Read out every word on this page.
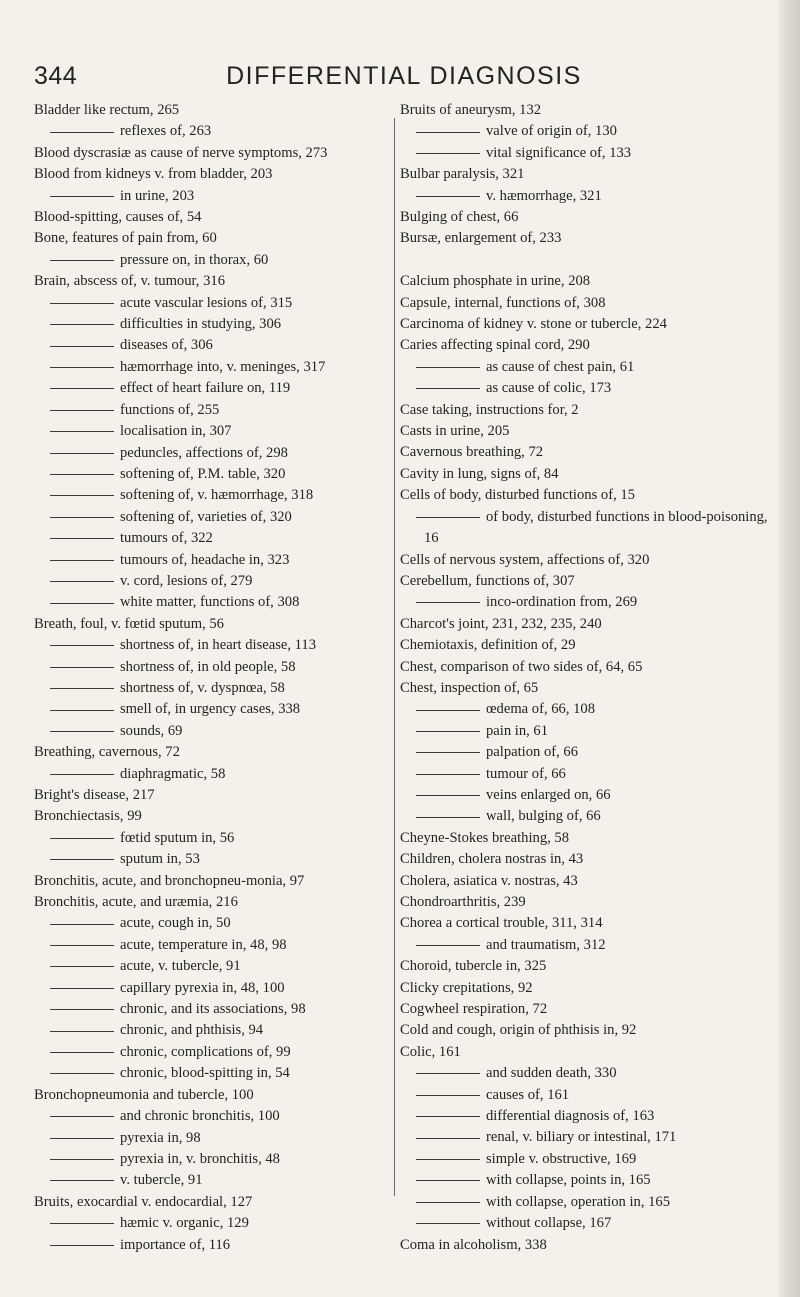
344	DIFFERENTIAL DIAGNOSIS
Bladder like rectum, 265
reflexes of, 263
Blood dyscrasiæ as cause of nerve symptoms, 273
Blood from kidneys v. from bladder, 203
in urine, 203
Blood-spitting, causes of, 54
Bone, features of pain from, 60
pressure on, in thorax, 60
Brain, abscess of, v. tumour, 316
acute vascular lesions of, 315
difficulties in studying, 306
diseases of, 306
hæmorrhage into, v. meninges, 317
effect of heart failure on, 119
functions of, 255
localisation in, 307
peduncles, affections of, 298
softening of, P.M. table, 320
softening of, v. hæmorrhage, 318
softening of, varieties of, 320
tumours of, 322
tumours of, headache in, 323
v. cord, lesions of, 279
white matter, functions of, 308
Breath, foul, v. fœtid sputum, 56
shortness of, in heart disease, 113
shortness of, in old people, 58
shortness of, v. dyspnœa, 58
smell of, in urgency cases, 338
sounds, 69
Breathing, cavernous, 72
diaphragmatic, 58
Bright's disease, 217
Bronchiectasis, 99
fœtid sputum in, 56
sputum in, 53
Bronchitis, acute, and bronchopneu-monia, 97
Bronchitis, acute, and uræmia, 216
acute, cough in, 50
acute, temperature in, 48, 98
acute, v. tubercle, 91
capillary pyrexia in, 48, 100
chronic, and its associations, 98
chronic, and phthisis, 94
chronic, complications of, 99
chronic, blood-spitting in, 54
Bronchopneumonia and tubercle, 100
and chronic bronchitis, 100
pyrexia in, 98
pyrexia in, v. bronchitis, 48
v. tubercle, 91
Bruits, exocardial v. endocardial, 127
hæmic v. organic, 129
importance of, 116
Bruits of aneurysm, 132
valve of origin of, 130
vital significance of, 133
Bulbar paralysis, 321
v. hæmorrhage, 321
Bulging of chest, 66
Bursæ, enlargement of, 233
Calcium phosphate in urine, 208
Capsule, internal, functions of, 308
Carcinoma of kidney v. stone or tubercle, 224
Caries affecting spinal cord, 290
as cause of chest pain, 61
as cause of colic, 173
Case taking, instructions for, 2
Casts in urine, 205
Cavernous breathing, 72
Cavity in lung, signs of, 84
Cells of body, disturbed functions of, 15
of body, disturbed functions in blood-poisoning, 16
Cells of nervous system, affections of, 320
Cerebellum, functions of, 307
inco-ordination from, 269
Charcot's joint, 231, 232, 235, 240
Chemiotaxis, definition of, 29
Chest, comparison of two sides of, 64, 65
Chest, inspection of, 65
œdema of, 66, 108
pain in, 61
palpation of, 66
tumour of, 66
veins enlarged on, 66
wall, bulging of, 66
Cheyne-Stokes breathing, 58
Children, cholera nostras in, 43
Cholera, asiatica v. nostras, 43
Chondroarthritis, 239
Chorea a cortical trouble, 311, 314
and traumatism, 312
Choroid, tubercle in, 325
Clicky crepitations, 92
Cogwheel respiration, 72
Cold and cough, origin of phthisis in, 92
Colic, 161
and sudden death, 330
causes of, 161
differential diagnosis of, 163
renal, v. biliary or intestinal, 171
simple v. obstructive, 169
with collapse, points in, 165
with collapse, operation in, 165
without collapse, 167
Coma in alcoholism, 338
